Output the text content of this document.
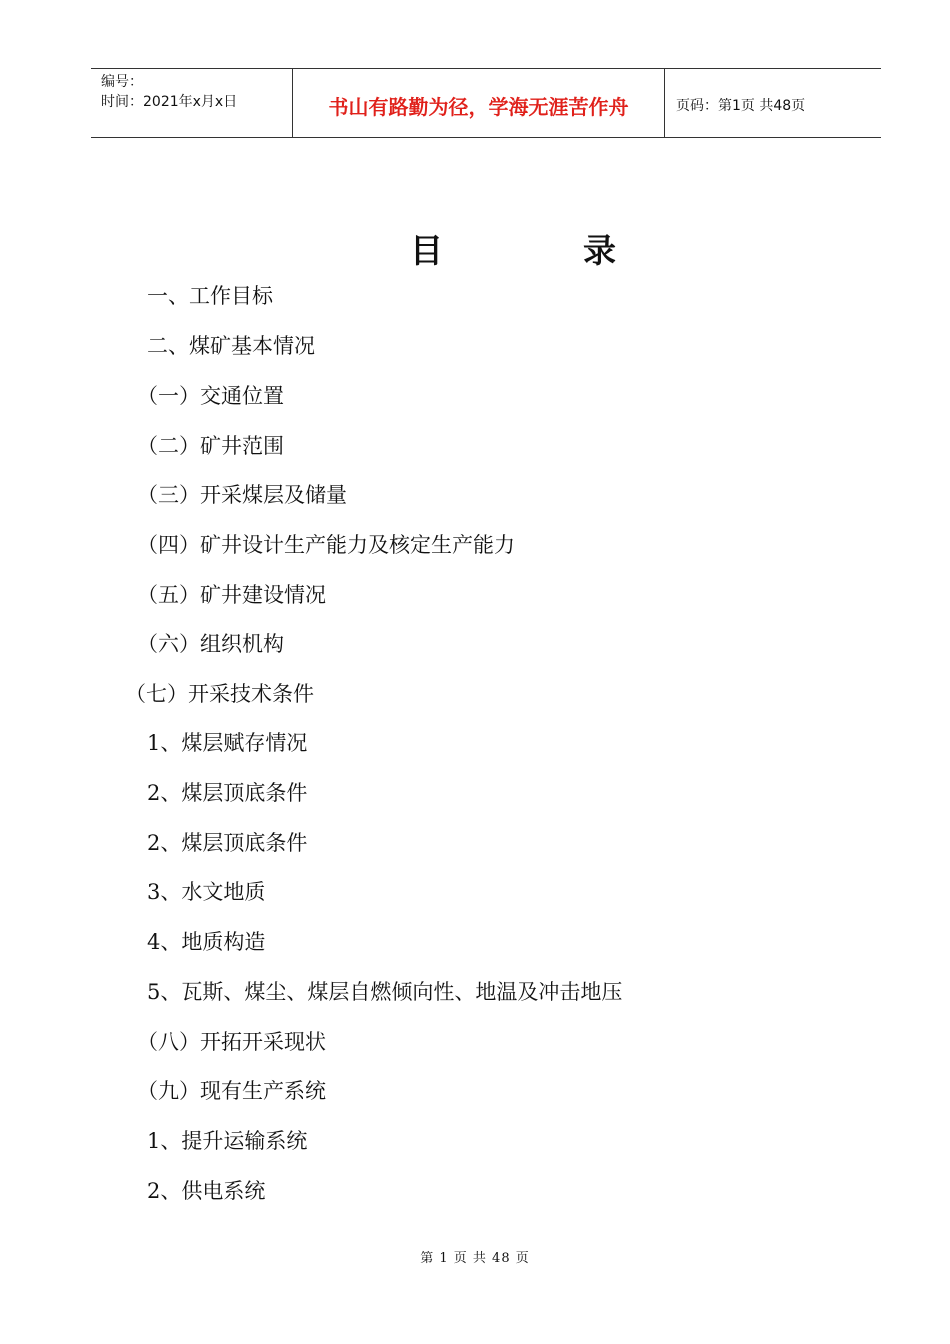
编号：
时间：2021年x月x日	书山有路勤为径，学海无涯苦作舟	页码：第1页 共48页
目录
一、工作目标
二、煤矿基本情况
（一）交通位置
（二）矿井范围
（三）开采煤层及储量
（四）矿井设计生产能力及核定生产能力
（五）矿井建设情况
（六）组织机构
（七）开采技术条件
1、煤层赋存情况
2、煤层顶底条件
2、煤层顶底条件
3、水文地质
4、地质构造
5、瓦斯、煤尘、煤层自燃倾向性、地温及冲击地压
（八）开拓开采现状
（九）现有生产系统
1、提升运输系统
2、供电系统
第 1 页 共 48 页
